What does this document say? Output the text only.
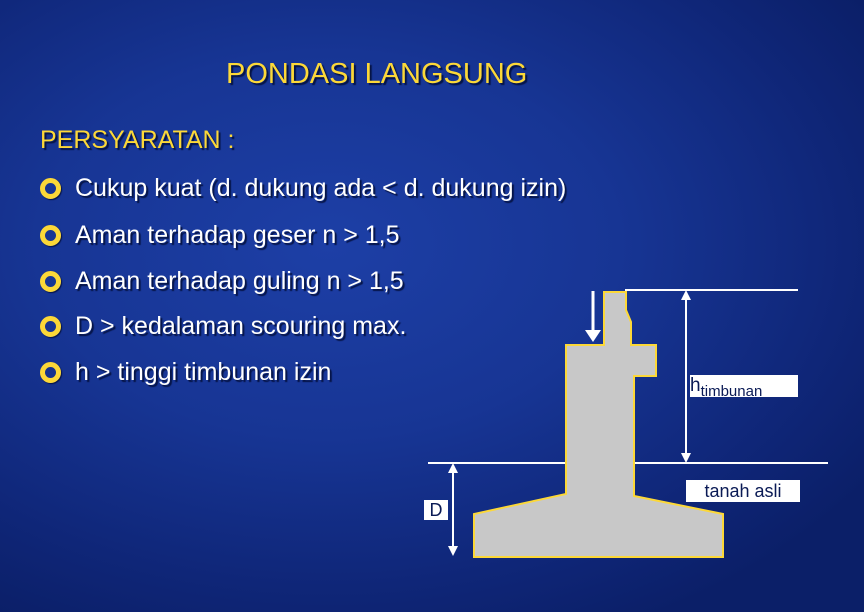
PONDASI LANGSUNG
PERSYARATAN :
Cukup kuat (d. dukung ada < d. dukung izin)
Aman terhadap geser n > 1,5
Aman terhadap guling n > 1,5
D > kedalaman scouring max.
h > tinggi timbunan izin	$h_{timbunan}$
tanah asli
D
